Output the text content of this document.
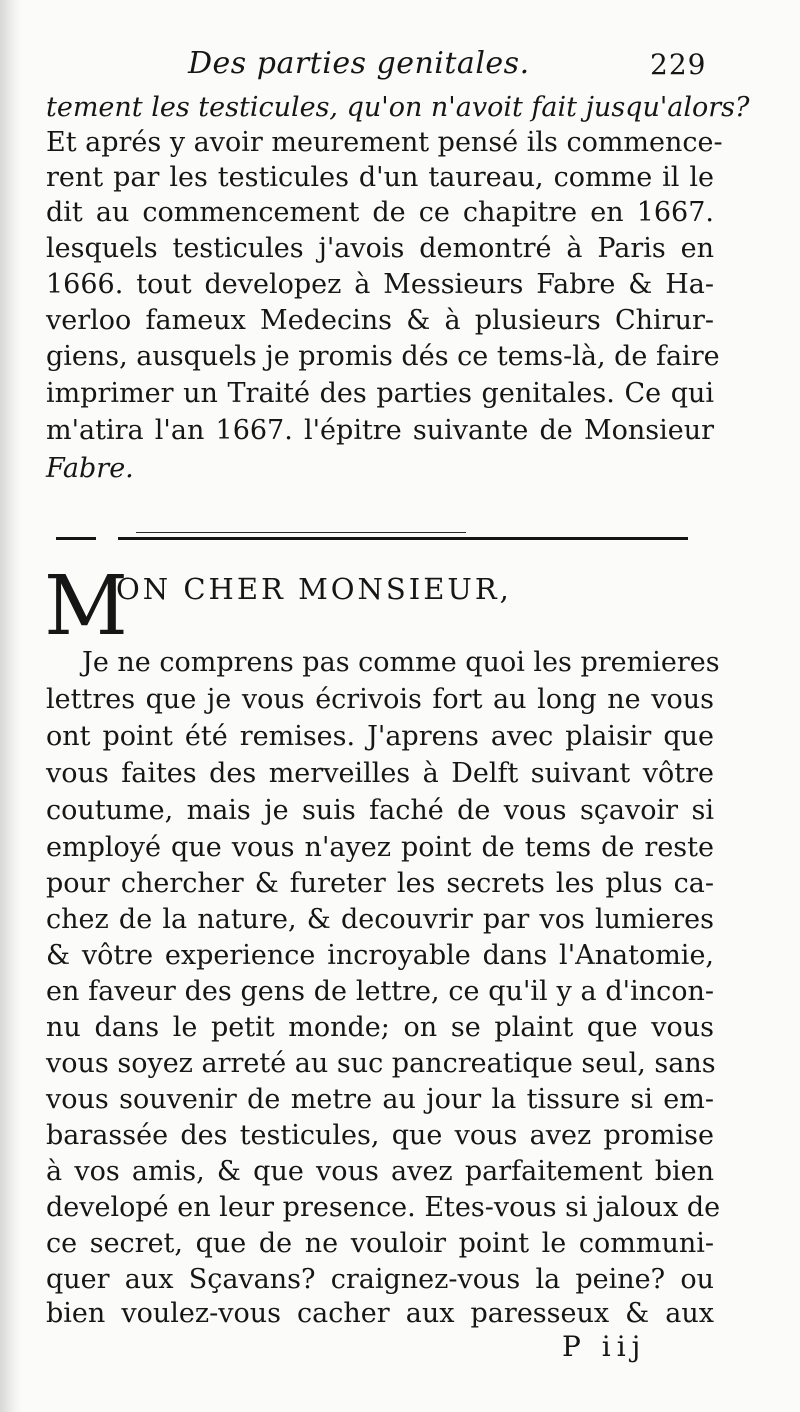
Des parties genitales.	229
tement les testicules, qu'on n'avoit fait jusqu'alors?
Et aprés y avoir meurement pensé ils commence-
rent par les testicules d'un taureau, comme il le
dit au commencement de ce chapitre en 1667.
lesquels testicules j'avois demontré à Paris en
1666. tout developez à Messieurs Fabre & Ha-
verloo fameux Medecins & à plusieurs Chirur-
giens, ausquels je promis dés ce tems-là, de faire
imprimer un Traité des parties genitales. Ce qui
m'atira l'an 1667. l'épitre suivante de Monsieur
Fabre.
M
ON CHER MONSIEUR,
Je ne comprens pas comme quoi les premieres
lettres que je vous écrivois fort au long ne vous
ont point été remises. J'aprens avec plaisir que
vous faites des merveilles à Delft suivant vôtre
coutume, mais je suis faché de vous sçavoir si
employé que vous n'ayez point de tems de reste
pour chercher & fureter les secrets les plus ca-
chez de la nature, & decouvrir par vos lumieres
& vôtre experience incroyable dans l'Anatomie,
en faveur des gens de lettre, ce qu'il y a d'incon-
nu dans le petit monde; on se plaint que vous
vous soyez arreté au suc pancreatique seul, sans
vous souvenir de metre au jour la tissure si em-
barassée des testicules, que vous avez promise
à vos amis, & que vous avez parfaitement bien
developé en leur presence. Etes-vous si jaloux de
ce secret, que de ne vouloir point le communi-
quer aux Sçavans? craignez-vous la peine? ou
bien voulez-vous cacher aux paresseux & aux
P iij
